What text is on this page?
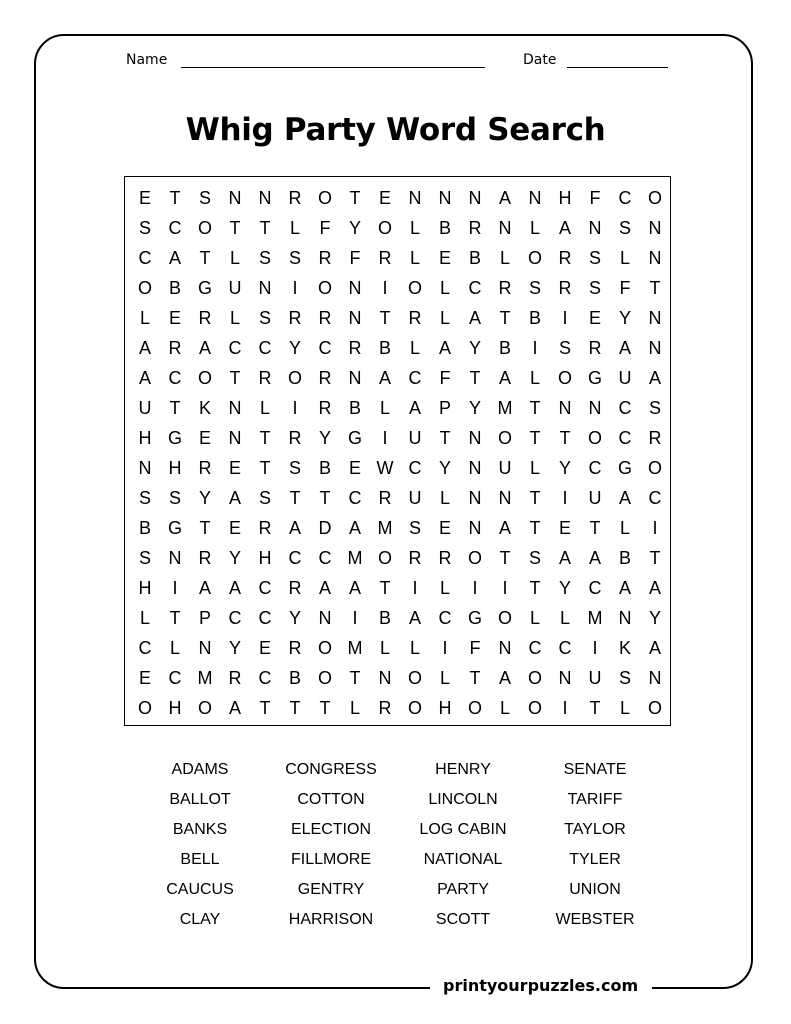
Name	Date
Whig Party Word Search
E	T	S N N R O T	E N N N A N H	F	C O
S C O T	T	L	F	Y O L	B R N	L	A N S N
C A	T	L	S S R	F	R	L	E B	L O R S	L	N
O B G U N	I	O N	I	O L	C R S R S	F	T
L	E R	L	S R R N	T	R	L	A	T	B	I	E Y N
A R A C C Y C R B	L	A Y B	I	S R A N
A C O T	R O R N A C	F	T	A	L O G U A
U	T	K N	L	I	R B	L	A P Y M T	N N C S
H G E N	T	R Y G	I	U	T	N O T	T O C R
N H R E	T	S B E W C Y N U	L	Y C G O
S S Y A S	T	T	C R U	L	N N	T	I	U A C
B G T	E R A D A M S E N A	T	E	T	L	I
S N R Y H C C M O R R O T	S A A B	T
H	I	A A C R A A	T	I	L	I	I	T	Y C A A
L	T	P C C Y N	I	B A C G O L	L M N Y
C	L	N Y E R O M L	L	I	F	N C C	I	K A
E C M R C B O T	N O L	T	A O N U S N
O H O A	T	T	T	L	R O H O L O	I	T	L O
ADAMS
BALLOT
BANKS
BELL
CAUCUS
CLAY
CONGRESS
COTTON
ELECTION
FILLMORE
GENTRY
HARRISON
HENRY
LINCOLN
LOG CABIN
NATIONAL
PARTY
SCOTT
SENATE
TARIFF
TAYLOR
TYLER
UNION
WEBSTER
printyourpuzzles.com
